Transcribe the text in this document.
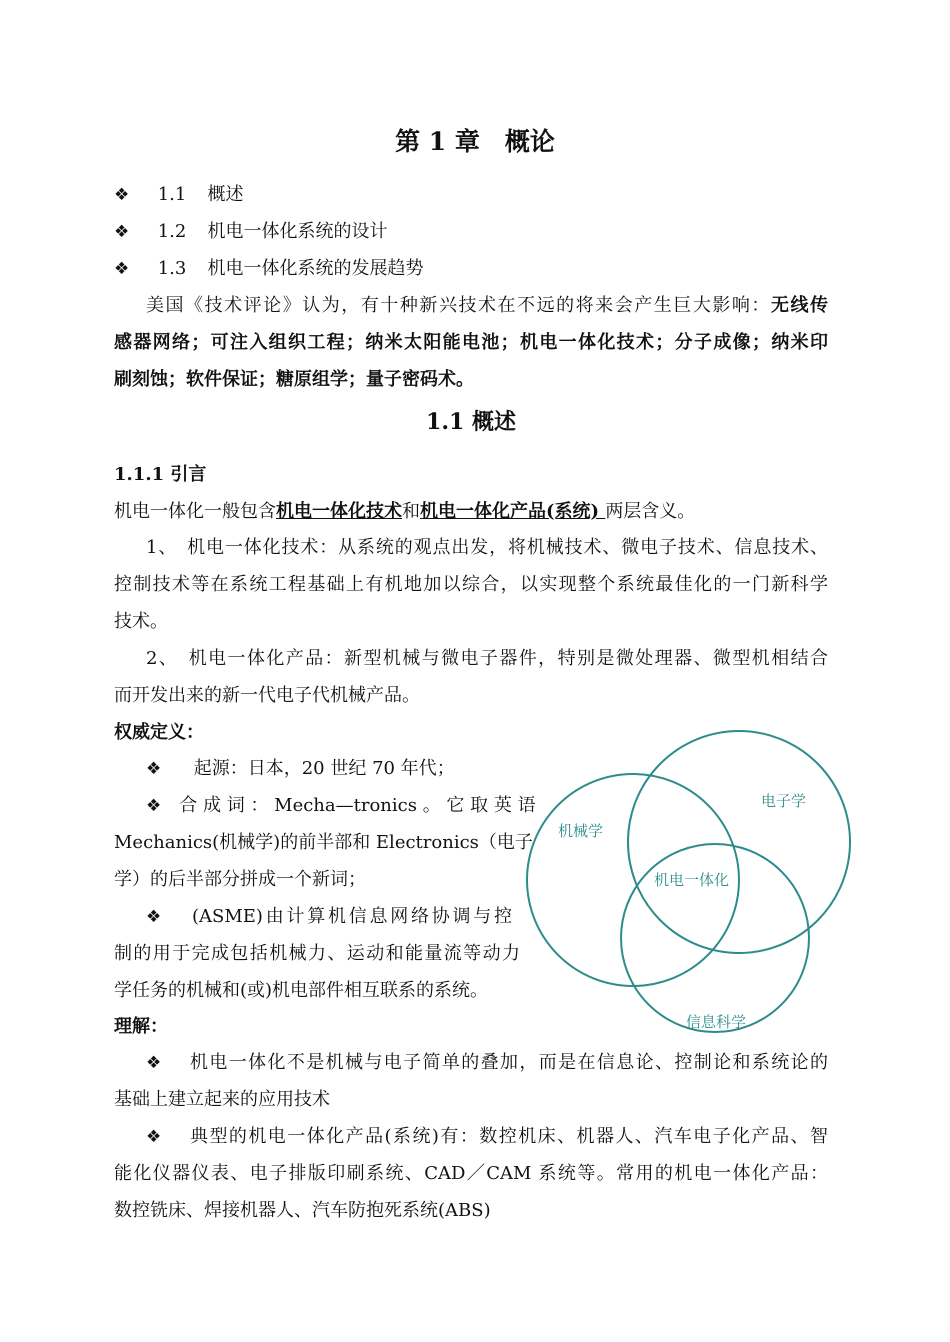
第 1 章　概论
❖ 1.1 概述
❖ 1.2 机电一体化系统的设计
❖ 1.3 机电一体化系统的发展趋势
美国《技术评论》认为，有十种新兴技术在不远的将来会产生巨大影响：无线传
感器网络；可注入组织工程；纳米太阳能电池；机电一体化技术；分子成像；纳米印
刷刻蚀；软件保证；糖原组学；量子密码术。
1.1 概述
1.1.1 引言
机电一体化一般包含机电一体化技术和机电一体化产品(系统) 两层含义。
1、　机电一体化技术：从系统的观点出发，将机械技术、微电子技术、信息技术、
控制技术等在系统工程基础上有机地加以综合，以实现整个系统最佳化的一门新科学
技术。
2、　机电一体化产品：新型机械与微电子器件，特别是微处理器、微型机相结合
而开发出来的新一代电子代机械产品。
权威定义：
❖ 起源：日本，20 世纪 70 年代；
❖ 合 成 词 ： Mecha—tronics 。 它 取 英 语
Mechanics(机械学)的前半部和 Electronics（电子
学）的后半部分拼成一个新词；
❖	(ASME)由计算机信息网络协调与控
制的用于完成包括机械力、运动和能量流等动力
学任务的机械和(或)机电部件相互联系的系统。
机械学
电子学
机电一体化
信息科学
理解：
❖	机电一体化不是机械与电子简单的叠加，而是在信息论、控制论和系统论的
基础上建立起来的应用技术
❖	典型的机电一体化产品(系统)有：数控机床、机器人、汽车电子化产品、智
能化仪器仪表、电子排版印刷系统、CAD／CAM 系统等。常用的机电一体化产品：
数控铣床、焊接机器人、汽车防抱死系统(ABS)
